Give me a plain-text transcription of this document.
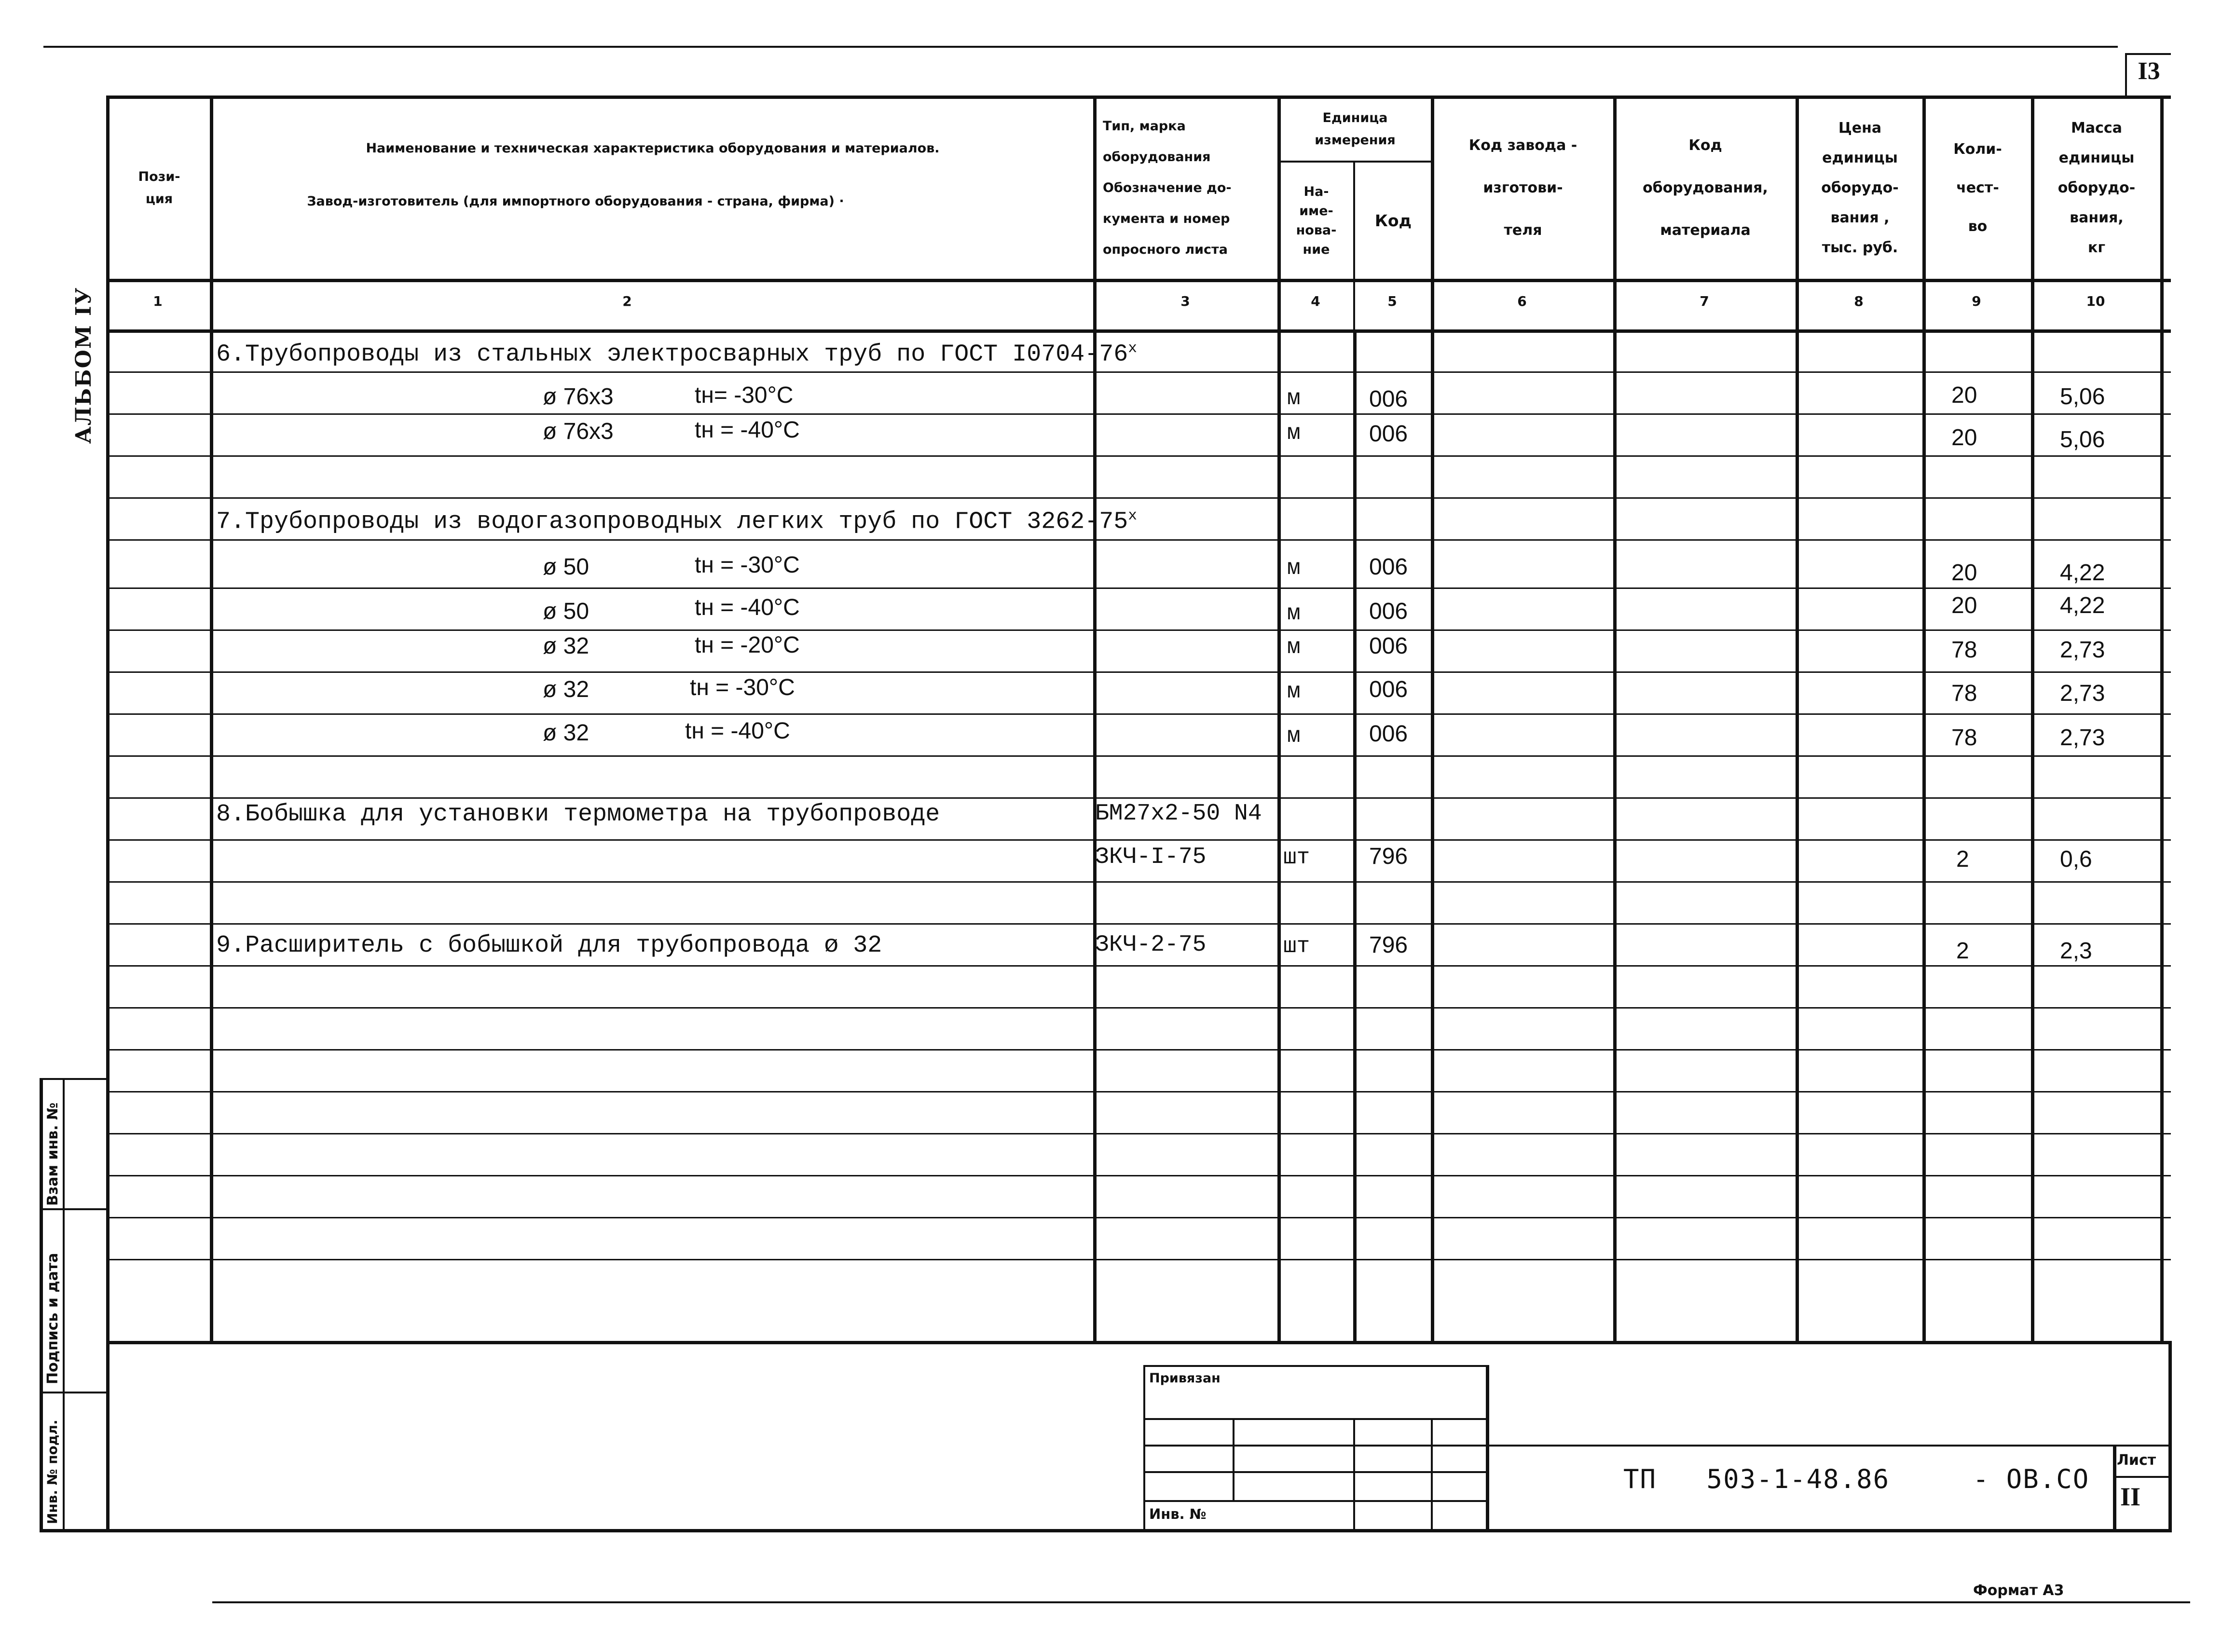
I3
АЛЬБОМ IУ
Пози-
ция
Наименование и техническая характеристика оборудования и материалов.
Завод-изготовитель (для импортного оборудования - страна, фирма) ·
Тип, марка
оборудования
Обозначение до-
кумента и номер
опросного листа
Единица
измерения
На-
име-
нова-
ние
Код
Код завода -
изготови-
теля
Код
оборудования,
материала
Цена
единицы
оборудо-
вания ,
тыс. руб.
Коли-
чест-
во
Масса
единицы
оборудо-
вания,
кг
1	2	3	4	5	6	7	8	9	10
6.Трубопроводы из стальных электросварных труб по ГОСТ $I0704-76^х$
ø 76x3	tн= -30°C	м	006	20	5,06
ø 76x3	tн = -40°C	м	006	20	5,06
7.Трубопроводы из водогазопроводных легких труб по ГОСТ $3262-75^х$
ø 50	tн = -30°C	м	006	20	4,22
ø 50	tн = -40°C	м	006	20	4,22
ø 32	tн = -20°C	м	006	78	2,73
ø 32	tн = -30°C	м	006	78	2,73
ø 32	tн = -40°C	м	006	78	2,73
8.Бобышка для установки термометра на трубопроводе	БМ27х2-50 N4
ЗКЧ-I-75	шт	796	2	0,6
9.Расширитель с бобышкой для трубопровода ø 32	ЗКЧ-2-75	шт	796	2	2,3
Взам инв. №
Подпись и дата
Инв. № подл.
Привязан
Инв. №
ТП   503-1-48.86     - ОВ.СО
Лист
II
Формат А3
